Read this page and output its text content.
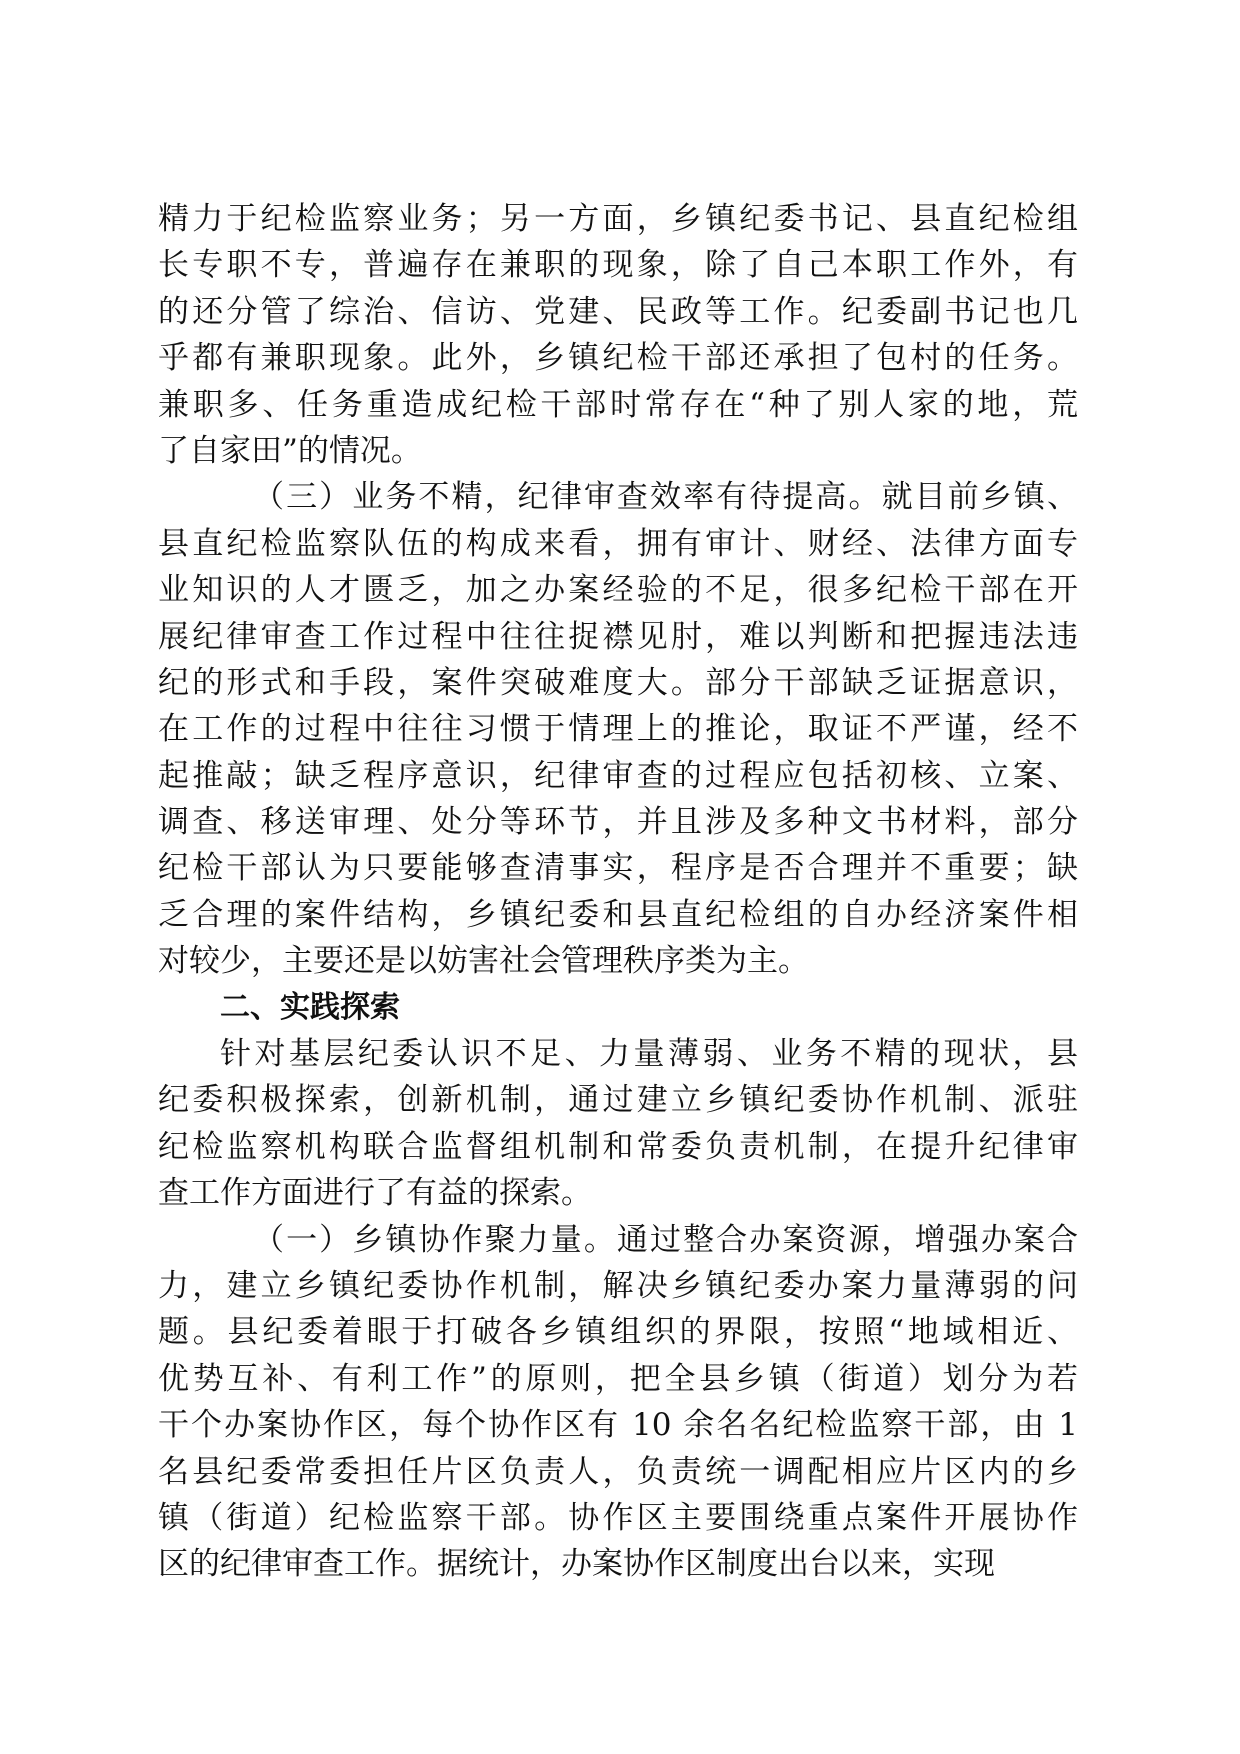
精力于纪检监察业务；另一方面，乡镇纪委书记、县直纪检组
长专职不专，普遍存在兼职的现象，除了自己本职工作外，有
的还分管了综治、信访、党建、民政等工作。纪委副书记也几
乎都有兼职现象。此外，乡镇纪检干部还承担了包村的任务。
兼职多、任务重造成纪检干部时常存在“种了别人家的地，荒
了自家田”的情况。

（三）业务不精，纪律审查效率有待提高。就目前乡镇、
县直纪检监察队伍的构成来看，拥有审计、财经、法律方面专
业知识的人才匮乏，加之办案经验的不足，很多纪检干部在开
展纪律审查工作过程中往往捉襟见肘，难以判断和把握违法违
纪的形式和手段，案件突破难度大。部分干部缺乏证据意识，
在工作的过程中往往习惯于情理上的推论，取证不严谨，经不
起推敲；缺乏程序意识，纪律审查的过程应包括初核、立案、
调查、移送审理、处分等环节，并且涉及多种文书材料，部分
纪检干部认为只要能够查清事实，程序是否合理并不重要；缺
乏合理的案件结构，乡镇纪委和县直纪检组的自办经济案件相
对较少，主要还是以妨害社会管理秩序类为主。

二、实践探索

针对基层纪委认识不足、力量薄弱、业务不精的现状，县
纪委积极探索，创新机制，通过建立乡镇纪委协作机制、派驻
纪检监察机构联合监督组机制和常委负责机制，在提升纪律审
查工作方面进行了有益的探索。

（一）乡镇协作聚力量。通过整合办案资源，增强办案合
力，建立乡镇纪委协作机制，解决乡镇纪委办案力量薄弱的问
题。县纪委着眼于打破各乡镇组织的界限，按照“地域相近、
优势互补、有利工作”的原则，把全县乡镇（街道）划分为若
干个办案协作区，每个协作区有 10 余名名纪检监察干部，由 1
名县纪委常委担任片区负责人，负责统一调配相应片区内的乡
镇（街道）纪检监察干部。协作区主要围绕重点案件开展协作
区的纪律审查工作。据统计，办案协作区制度出台以来，实现
